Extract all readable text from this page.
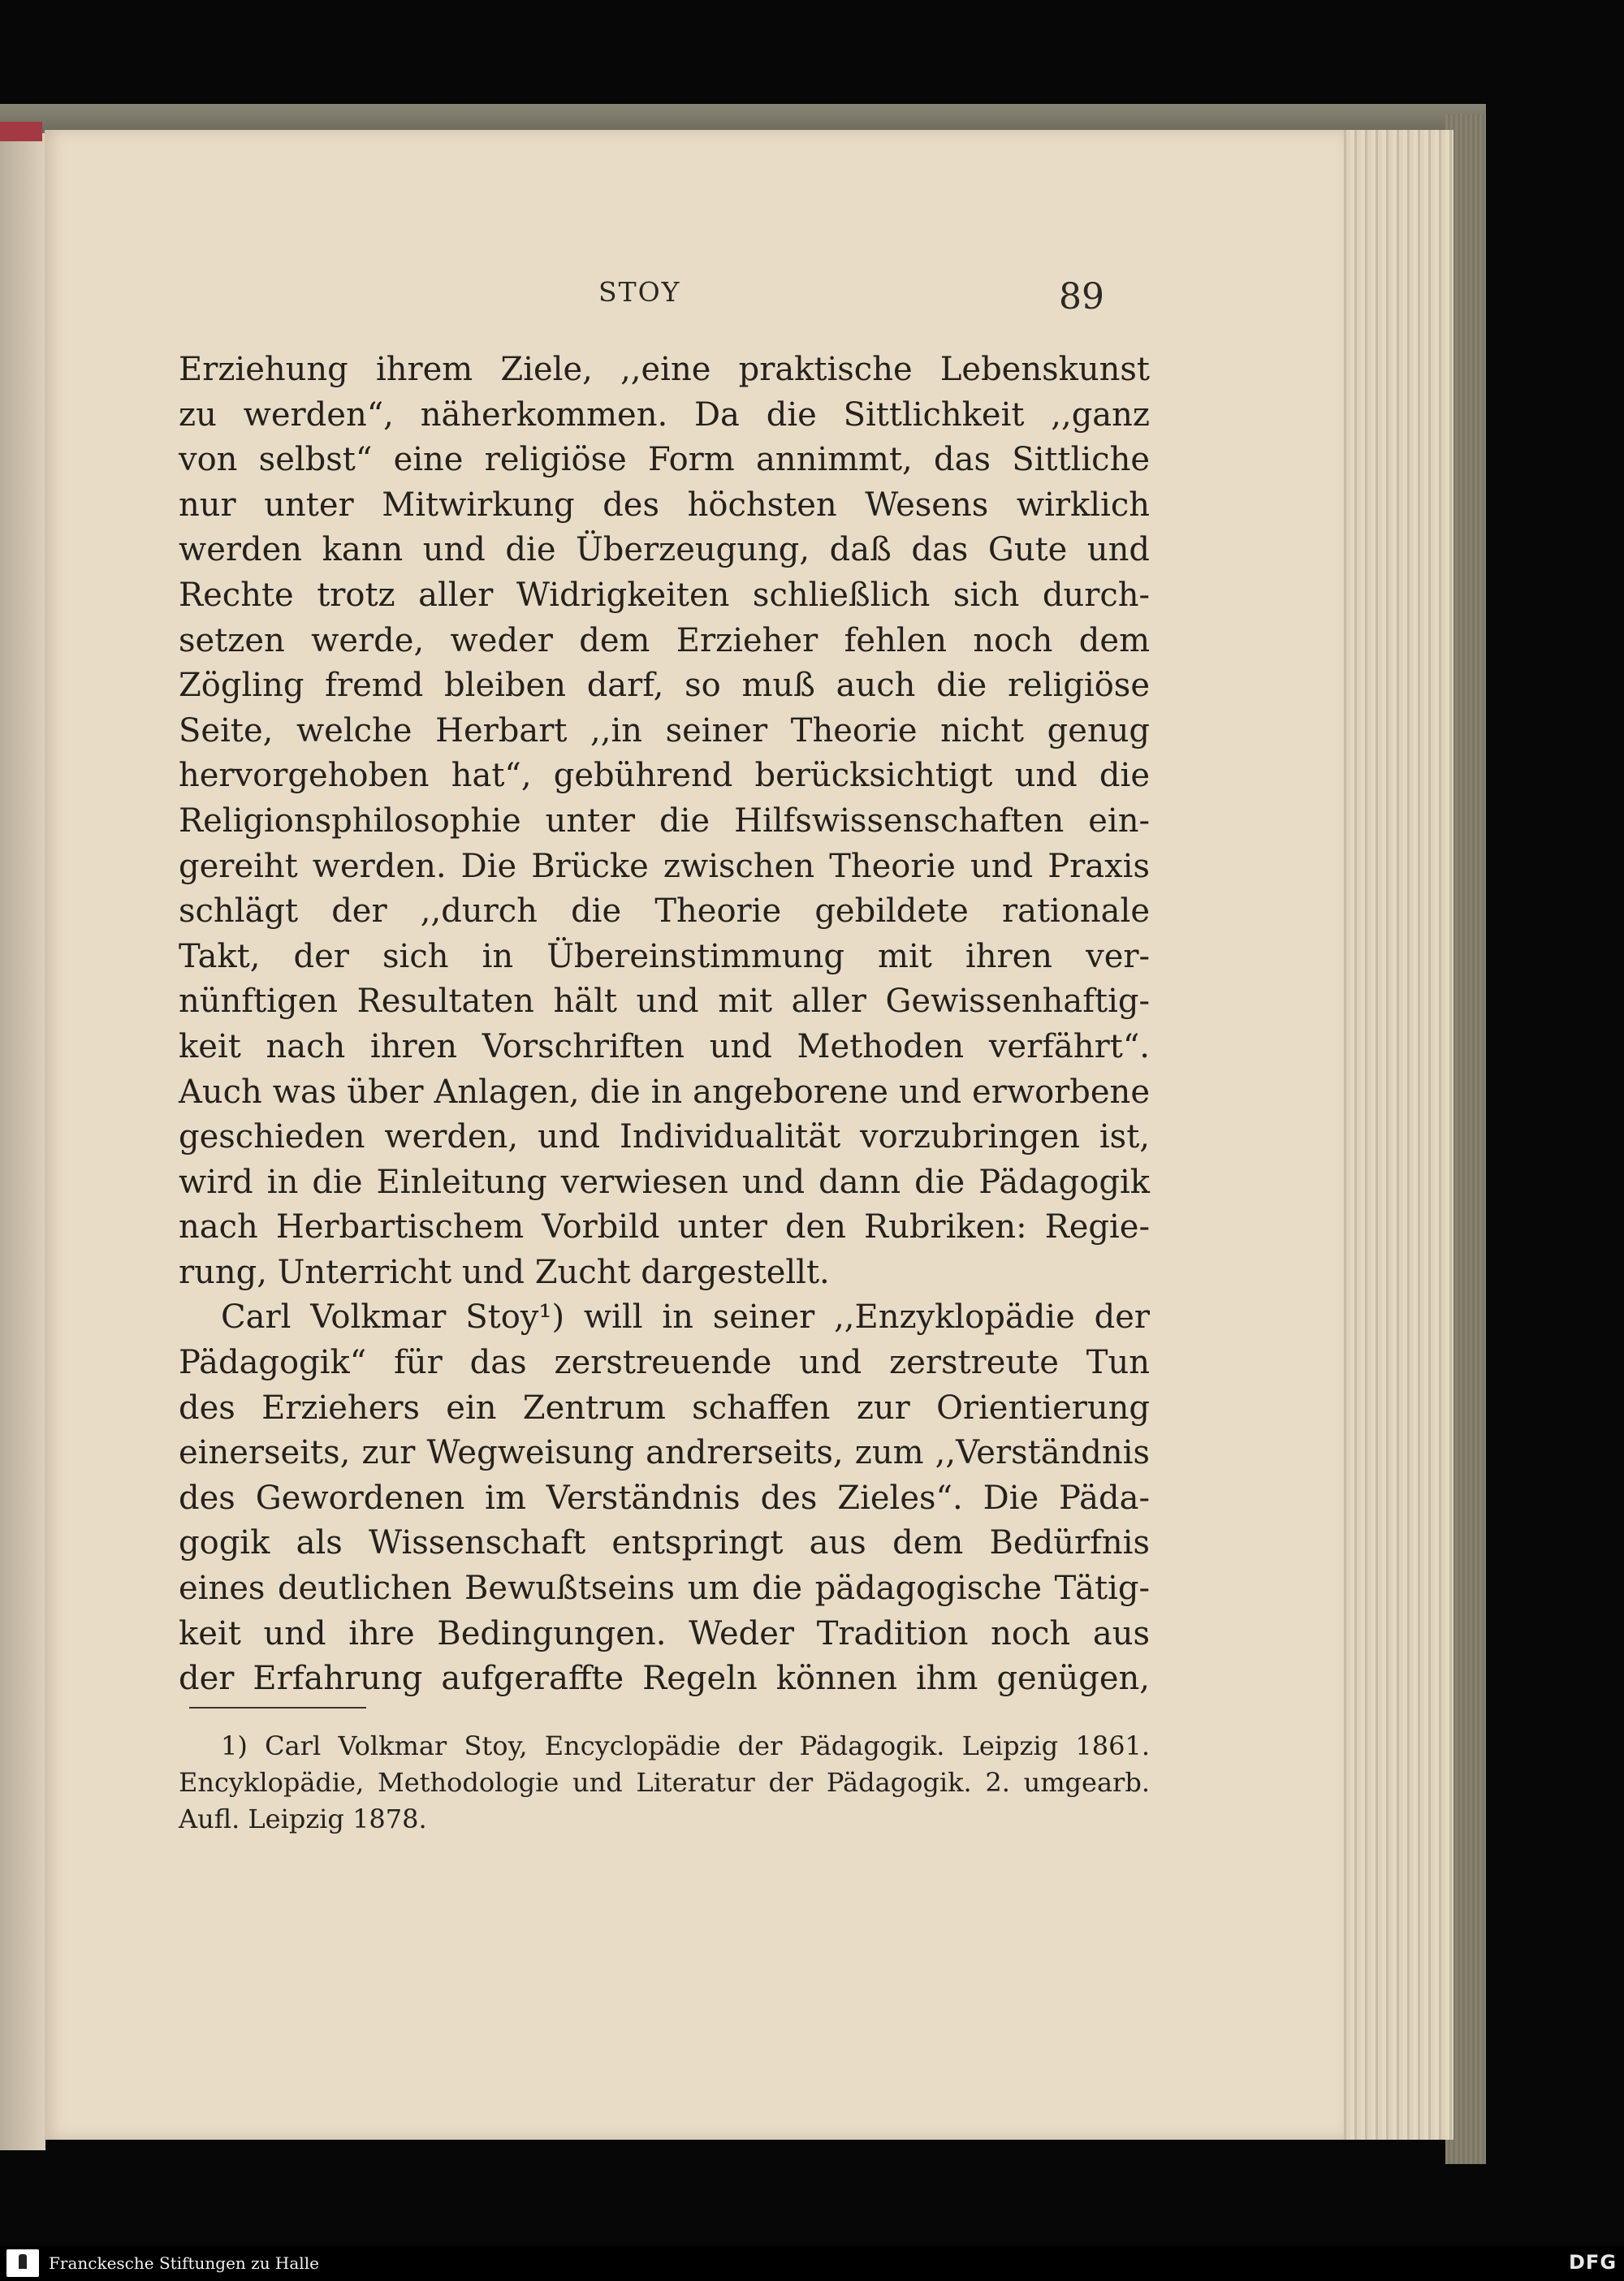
STOY	89
Erziehung ihrem Ziele, ,,eine praktische Lebenskunst
zu werden“, näherkommen. Da die Sittlichkeit ,,ganz
von selbst“ eine religiöse Form annimmt, das Sittliche
nur unter Mitwirkung des höchsten Wesens wirklich
werden kann und die Überzeugung, daß das Gute und
Rechte trotz aller Widrigkeiten schließlich sich durch-
setzen werde, weder dem Erzieher fehlen noch dem
Zögling fremd bleiben darf, so muß auch die religiöse
Seite, welche Herbart ,,in seiner Theorie nicht genug
hervorgehoben hat“, gebührend berücksichtigt und die
Religionsphilosophie unter die Hilfswissenschaften ein-
gereiht werden. Die Brücke zwischen Theorie und Praxis
schlägt der ,,durch die Theorie gebildete rationale
Takt, der sich in Übereinstimmung mit ihren ver-
nünftigen Resultaten hält und mit aller Gewissenhaftig-
keit nach ihren Vorschriften und Methoden verfährt“.
Auch was über Anlagen, die in angeborene und erworbene
geschieden werden, und Individualität vorzubringen ist,
wird in die Einleitung verwiesen und dann die Pädagogik
nach Herbartischem Vorbild unter den Rubriken: Regie-
rung, Unterricht und Zucht dargestellt.
Carl Volkmar Stoy¹) will in seiner ,,Enzyklopädie der
Pädagogik“ für das zerstreuende und zerstreute Tun
des Erziehers ein Zentrum schaffen zur Orientierung
einerseits, zur Wegweisung andrerseits, zum ,,Verständnis
des Gewordenen im Verständnis des Zieles“. Die Päda-
gogik als Wissenschaft entspringt aus dem Bedürfnis
eines deutlichen Bewußtseins um die pädagogische Tätig-
keit und ihre Bedingungen. Weder Tradition noch aus
der Erfahrung aufgeraffte Regeln können ihm genügen,
1) Carl Volkmar Stoy, Encyclopädie der Pädagogik. Leipzig 1861.
Encyklopädie, Methodologie und Literatur der Pädagogik. 2. umgearb.
Aufl. Leipzig 1878.
Franckesche Stiftungen zu Halle	DFG
